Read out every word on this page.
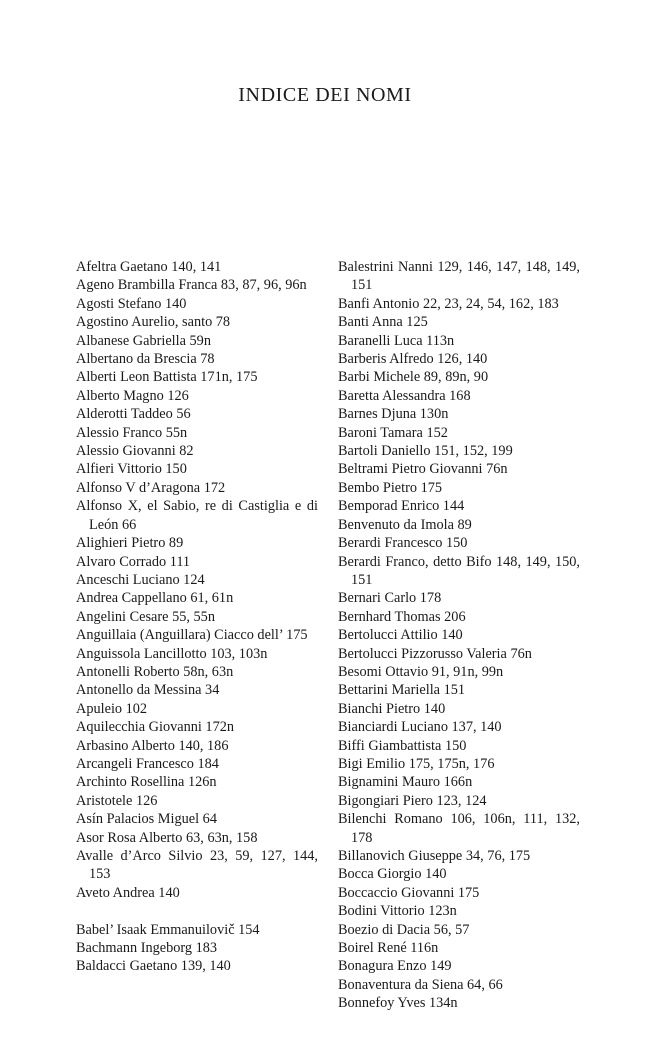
INDICE DEI NOMI
Afeltra Gaetano 140, 141
Ageno Brambilla Franca 83, 87, 96, 96n
Agosti Stefano 140
Agostino Aurelio, santo 78
Albanese Gabriella 59n
Albertano da Brescia 78
Alberti Leon Battista 171n, 175
Alberto Magno 126
Alderotti Taddeo 56
Alessio Franco 55n
Alessio Giovanni 82
Alfieri Vittorio 150
Alfonso V d’Aragona 172
Alfonso X, el Sabio, re di Castiglia e di León 66
Alighieri Pietro 89
Alvaro Corrado 111
Anceschi Luciano 124
Andrea Cappellano 61, 61n
Angelini Cesare 55, 55n
Anguillaia (Anguillara) Ciacco dell’ 175
Anguissola Lancillotto 103, 103n
Antonelli Roberto 58n, 63n
Antonello da Messina 34
Apuleio 102
Aquilecchia Giovanni 172n
Arbasino Alberto 140, 186
Arcangeli Francesco 184
Archinto Rosellina 126n
Aristotele 126
Asín Palacios Miguel 64
Asor Rosa Alberto 63, 63n, 158
Avalle d’Arco Silvio 23, 59, 127, 144, 153
Aveto Andrea 140
Babel’ Isaak Emmanuilovič 154
Bachmann Ingeborg 183
Baldacci Gaetano 139, 140
Balestrini Nanni 129, 146, 147, 148, 149, 151
Banfi Antonio 22, 23, 24, 54, 162, 183
Banti Anna 125
Baranelli Luca 113n
Barberis Alfredo 126, 140
Barbi Michele 89, 89n, 90
Baretta Alessandra 168
Barnes Djuna 130n
Baroni Tamara 152
Bartoli Daniello 151, 152, 199
Beltrami Pietro Giovanni 76n
Bembo Pietro 175
Bemporad Enrico 144
Benvenuto da Imola 89
Berardi Francesco 150
Berardi Franco, detto Bifo 148, 149, 150, 151
Bernari Carlo 178
Bernhard Thomas 206
Bertolucci Attilio 140
Bertolucci Pizzorusso Valeria 76n
Besomi Ottavio 91, 91n, 99n
Bettarini Mariella 151
Bianchi Pietro 140
Bianciardi Luciano 137, 140
Biffi Giambattista 150
Bigi Emilio 175, 175n, 176
Bignamini Mauro 166n
Bigongiari Piero 123, 124
Bilenchi Romano 106, 106n, 111, 132, 178
Billanovich Giuseppe 34, 76, 175
Bocca Giorgio 140
Boccaccio Giovanni 175
Bodini Vittorio 123n
Boezio di Dacia 56, 57
Boirel René 116n
Bonagura Enzo 149
Bonaventura da Siena 64, 66
Bonnefoy Yves 134n
